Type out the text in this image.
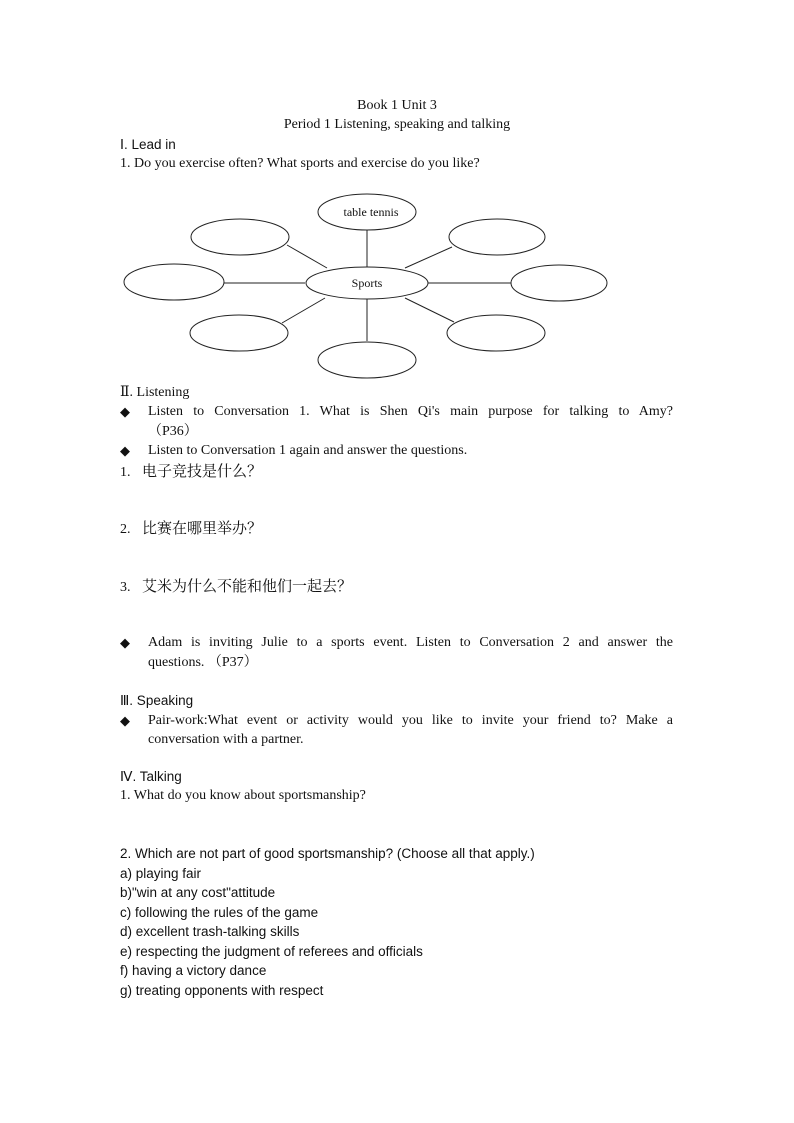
Book 1 Unit 3
Period 1 Listening, speaking and talking
Ⅰ. Lead in
1. Do you exercise often? What sports and exercise do you like?
Sports
table tennis
Ⅱ. Listening
◆ Listen to Conversation 1. What is Shen Qi's main purpose for talking to Amy?
（P36）
◆ Listen to Conversation 1 again and answer the questions.
1. 电子竞技是什么？
2. 比赛在哪里举办？
3. 艾米为什么不能和他们一起去？
◆ Adam is inviting Julie to a sports event. Listen to Conversation 2 and answer the
questions. （P37）
Ⅲ. Speaking
◆ Pair-work:What event or activity would you like to invite your friend to? Make a
conversation with a partner.
Ⅳ. Talking
1. What do you know about sportsmanship?
2. Which are not part of good sportsmanship? (Choose all that apply.)
a) playing fair
b)"win at any cost"attitude
c) following the rules of the game
d) excellent trash-talking skills
e) respecting the judgment of referees and officials
f) having a victory dance
g) treating opponents with respect
